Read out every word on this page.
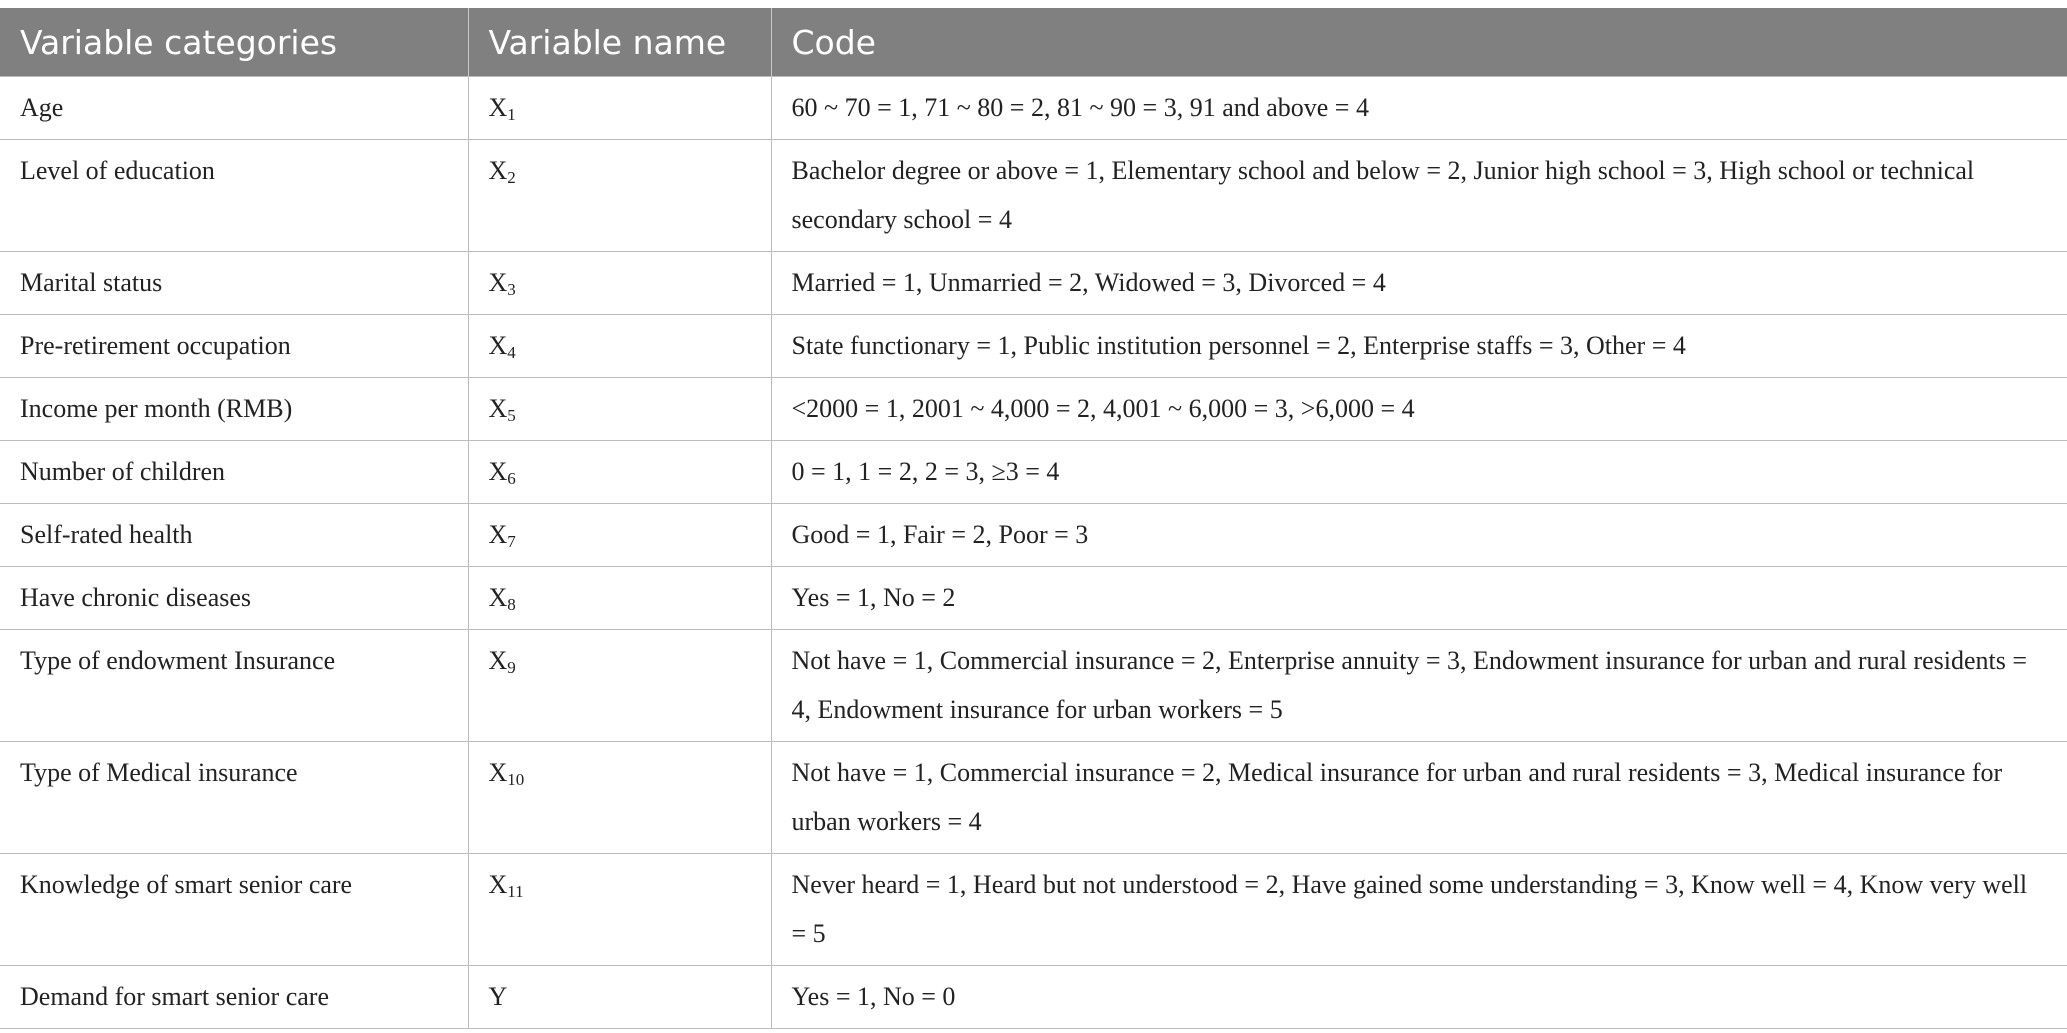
Variable categories	Variable name	Code
Age	$X_1$	60 ~ 70 = 1, 71 ~ 80 = 2, 81 ~ 90 = 3, 91 and above = 4
Level of education	$X_2$	Bachelor degree or above = 1, Elementary school and below = 2, Junior high school = 3, High school or technical secondary school = 4
Marital status	$X_3$	Married = 1, Unmarried = 2, Widowed = 3, Divorced = 4
Pre-retirement occupation	$X_4$	State functionary = 1, Public institution personnel = 2, Enterprise staffs = 3, Other = 4
Income per month (RMB)	$X_5$	<2000 = 1, 2001 ~ 4,000 = 2, 4,001 ~ 6,000 = 3, >6,000 = 4
Number of children	$X_6$	0 = 1, 1 = 2, 2 = 3, ≥3 = 4
Self-rated health	$X_7$	Good = 1, Fair = 2, Poor = 3
Have chronic diseases	$X_8$	Yes = 1, No = 2
Type of endowment Insurance	$X_9$	Not have = 1, Commercial insurance = 2, Enterprise annuity = 3, Endowment insurance for urban and rural residents = 4, Endowment insurance for urban workers = 5
Type of Medical insurance	$X_{10}$	Not have = 1, Commercial insurance = 2, Medical insurance for urban and rural residents = 3, Medical insurance for urban workers = 4
Knowledge of smart senior care	$X_{11}$	Never heard = 1, Heard but not understood = 2, Have gained some understanding = 3, Know well = 4, Know very well = 5
Demand for smart senior care	Y	Yes = 1, No = 0
